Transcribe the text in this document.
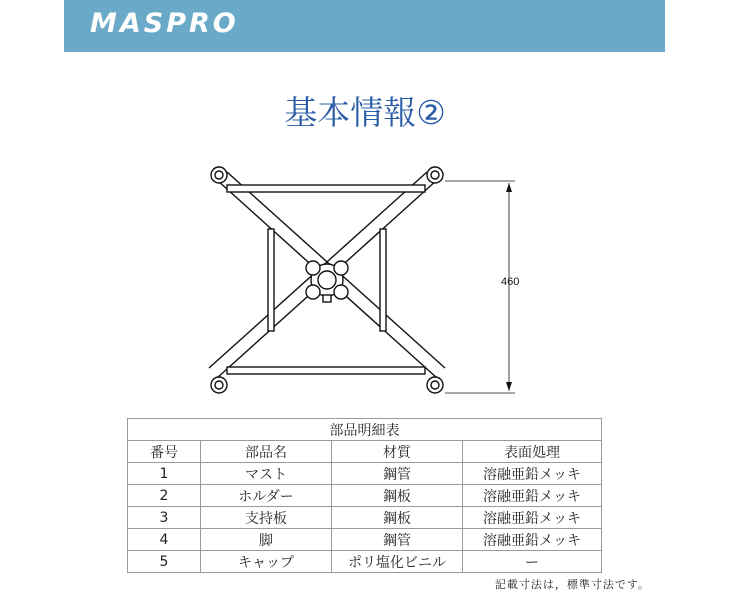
MASPRO
基本情報②
460
部品明細表			
番号	部品名	材質	表面処理
1	マスト	鋼管	溶融亜鉛メッキ
2	ホルダー	鋼板	溶融亜鉛メッキ
3	支持板	鋼板	溶融亜鉛メッキ
4	脚	鋼管	溶融亜鉛メッキ
5	キャップ	ポリ塩化ビニル	ー
記載寸法は，標準寸法です。
